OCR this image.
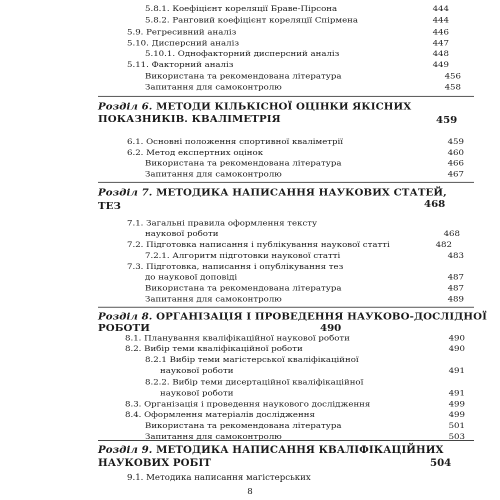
5.8.1. Коефіцієнт кореляції Браве-Пірсона	444
5.8.2. Ранговий коефіцієнт кореляції Спірмена	444
5.9. Регресивний аналіз	446
5.10. Дисперсний аналіз	447
5.10.1. Однофакторний дисперсний аналіз	448
5.11. Факторний аналіз	449
Використана та рекомендована література	456
Запитання для самоконтролю	458
Розділ 6. МЕТОДИ КІЛЬКІСНОЇ ОЦІНКИ ЯКІСНИХ
ПОКАЗНИКІВ. КВАЛІМЕТРІЯ	459
6.1. Основні положення спортивної кваліметрії	459
6.2. Метод експертних оцінок	460
Використана та рекомендована література	466
Запитання для самоконтролю	467
Розділ 7. МЕТОДИКА НАПИСАННЯ НАУКОВИХ СТАТЕЙ,
ТЕЗ	468
7.1. Загальні правила оформлення тексту
наукової роботи	468
7.2. Підготовка написання і публікування наукової статті	482
7.2.1. Алгоритм підготовки наукової статті	483
7.3. Підготовка, написання і опублікування тез
до наукової доповіді	487
Використана та рекомендована література	487
Запитання для самоконтролю	489
Розділ 8. ОРГАНІЗАЦІЯ І ПРОВЕДЕННЯ НАУКОВО-ДОСЛІДНОЇ
РОБОТИ	490
8.1. Планування кваліфікаційної наукової роботи	490
8.2. Вибір теми кваліфікаційної роботи	490
8.2.1 Вибір теми магістерської кваліфікаційної
наукової роботи	491
8.2.2. Вибір теми дисертаційної кваліфікаційної
наукової роботи	491
8.3. Організація і проведення наукового дослідження	499
8.4. Оформлення матеріалів дослідження	499
Використана та рекомендована література	501
Запитання для самоконтролю	503
Розділ 9. МЕТОДИКА НАПИСАННЯ КВАЛІФІКАЦІЙНИХ
НАУКОВИХ РОБІТ	504
9.1. Методика написання магістерських
8
